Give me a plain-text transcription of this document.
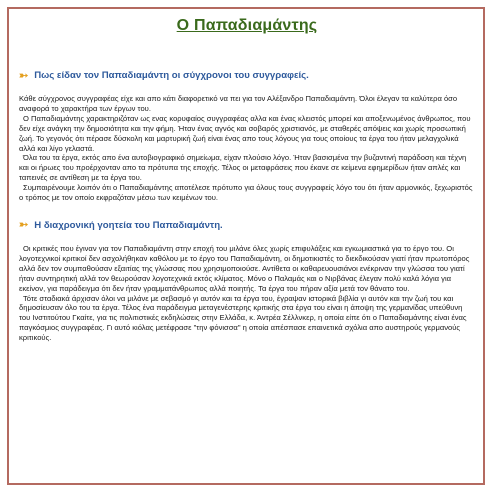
Ο Παπαδιαμάντης
➳ Πως είδαν τον Παπαδιαμάντη οι σύγχρονοι του συγγραφείς.

Κάθε σύγχρονος συγγραφέας είχε και απο κάτι διαφορετικό να πει για τον Αλέξανδρο Παπαδιαμάντη. Όλοι έλεγαν τα καλύτερα όσο αναφορά το χαρακτήρα των έργων του.

Ο Παπαδιαμάντης χαρακτηριζόταν ως ενας κορυφαίος συγγραφέας αλλα και ένας κλειστός μπορεί και αποξενωμένος άνθρωπος, που δεν είχε ανάγκη την δημοσιότητα και την φήμη. Ήταν ένας αγνός και σοβαρός χριστιανός, με σταθερές απόψεις και χωρίς προσωπική ζωή. Το γεγονός ότι πέρασε δύσκολη και μαρτυρική ζωή είναι ένας απο τους λόγους για τους οποίους τα έργα του ήταν μελαγχολικά αλλά και λίγο γελαστά.

Όλα του τα έργα, εκτός απο ένα αυτοβιογραφικό σημείωμα, είχαν πλούσιο λόγο. Ήταν βασισμένα την βυζαντινή παράδοση και τέχνη και οι ήρωες του προέρχονταν απο τα πρότυπα της εποχής. Τέλος οι μεταφράσεις που έκανε σε κείμενα εφημερίδων ήταν απλές και ταπεινές σε αντίθεση με τα έργα του.

Συμπαιρένουμε λοιπόν ότι ο Παπαδιαμάντης αποτέλεσε πρότυπο για όλους τους συγγραφείς λόγο του ότι ήταν αρμονικός, ξεχωριστός ο τρόπος με τον οποίο εκφραζόταν μέσω των κειμένων του.

➳ Η διαχρονική γοητεία του Παπαδιαμάντη.

Οι κριτικές που έγιναν για τον Παπαδιαμάντη στην εποχή του μιλάνε όλες χωρίς επιφυλάξεις και εγκωμιαστικά για το έργο του. Οι λογοτεχνικοί κριτικοί δεν ασχολήθηκαν καθόλου με το έργο του Παπαδιαμάντη, οι δημοτικιστές το διεκδικούσαν γιατί ήταν πρωτοπόρος αλλά δεν τον συμπαθούσαν εξαιτίας της γλώσσας που χρησιμοποιούσε. Αντίθετα οι καθαρευουσιάνοι ενέκριναν την γλώσσα του γιατί ήταν συντηρητική αλλά τον θεωρούσαν λογοτεχνικά εκτός κλίματος. Μόνο ο Παλαμάς και ο Νιρβάνας έλεγαν πολύ καλά λόγια για εκείνον, για παράδειγμα ότι δεν ήταν γραμματάνθρωπος αλλά ποιητής. Τα έργα του πήραν αξία μετά τον θάνατο του.

Τότε σταδιακά άρχισαν όλοι να μιλάνε με σεβασμό γι αυτόν και τα έργα του, έγραψαν ιστορικά βιβλία γι αυτόν και την ζωή του και δημοσίευσαν όλο του τα έργα. Τέλος ένα παράδειγμα μεταγενέστερης κριτικής στα έργα του είναι η άποψη της γερμανίδας υπεύθυνη του Ινστιτούτου Γκαίτε, για τις πολιτιστικές εκδηλώσεις στην Ελλάδα, κ. Άντρέα Σέλλνκερ, η οποία είπε ότι ο Παπαδιαμάντης είναι ένας παγκόσμιος συγγραφέας. Γι αυτό κιόλας μετέφρασε "την φόνισσα" η οποία απέσπασε επαινετικά σχόλια απο αυστηρούς γερμανούς κριτικούς.
